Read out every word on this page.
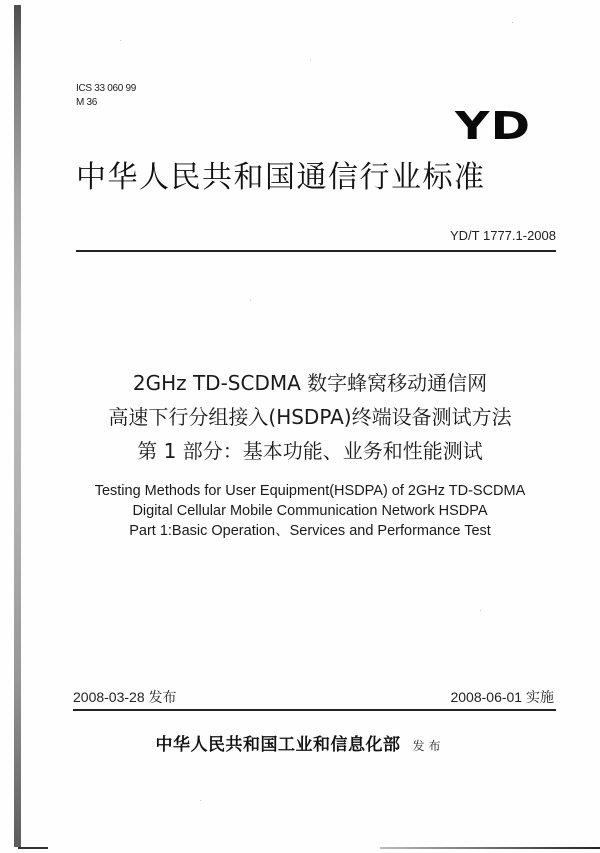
ICS 33 060 99
M 36
YD
中华人民共和国通信行业标准
YD/T 1777.1-2008
2GHz TD-SCDMA 数字蜂窝移动通信网
高速下行分组接入(HSDPA)终端设备测试方法
第 1 部分：基本功能、业务和性能测试
Testing Methods for User Equipment(HSDPA) of 2GHz TD-SCDMA
Digital Cellular Mobile Communication Network HSDPA
Part 1:Basic Operation、Services and Performance Test
2008-03-28 发布	2008-06-01 实施
中华人民共和国工业和信息化部 发布
